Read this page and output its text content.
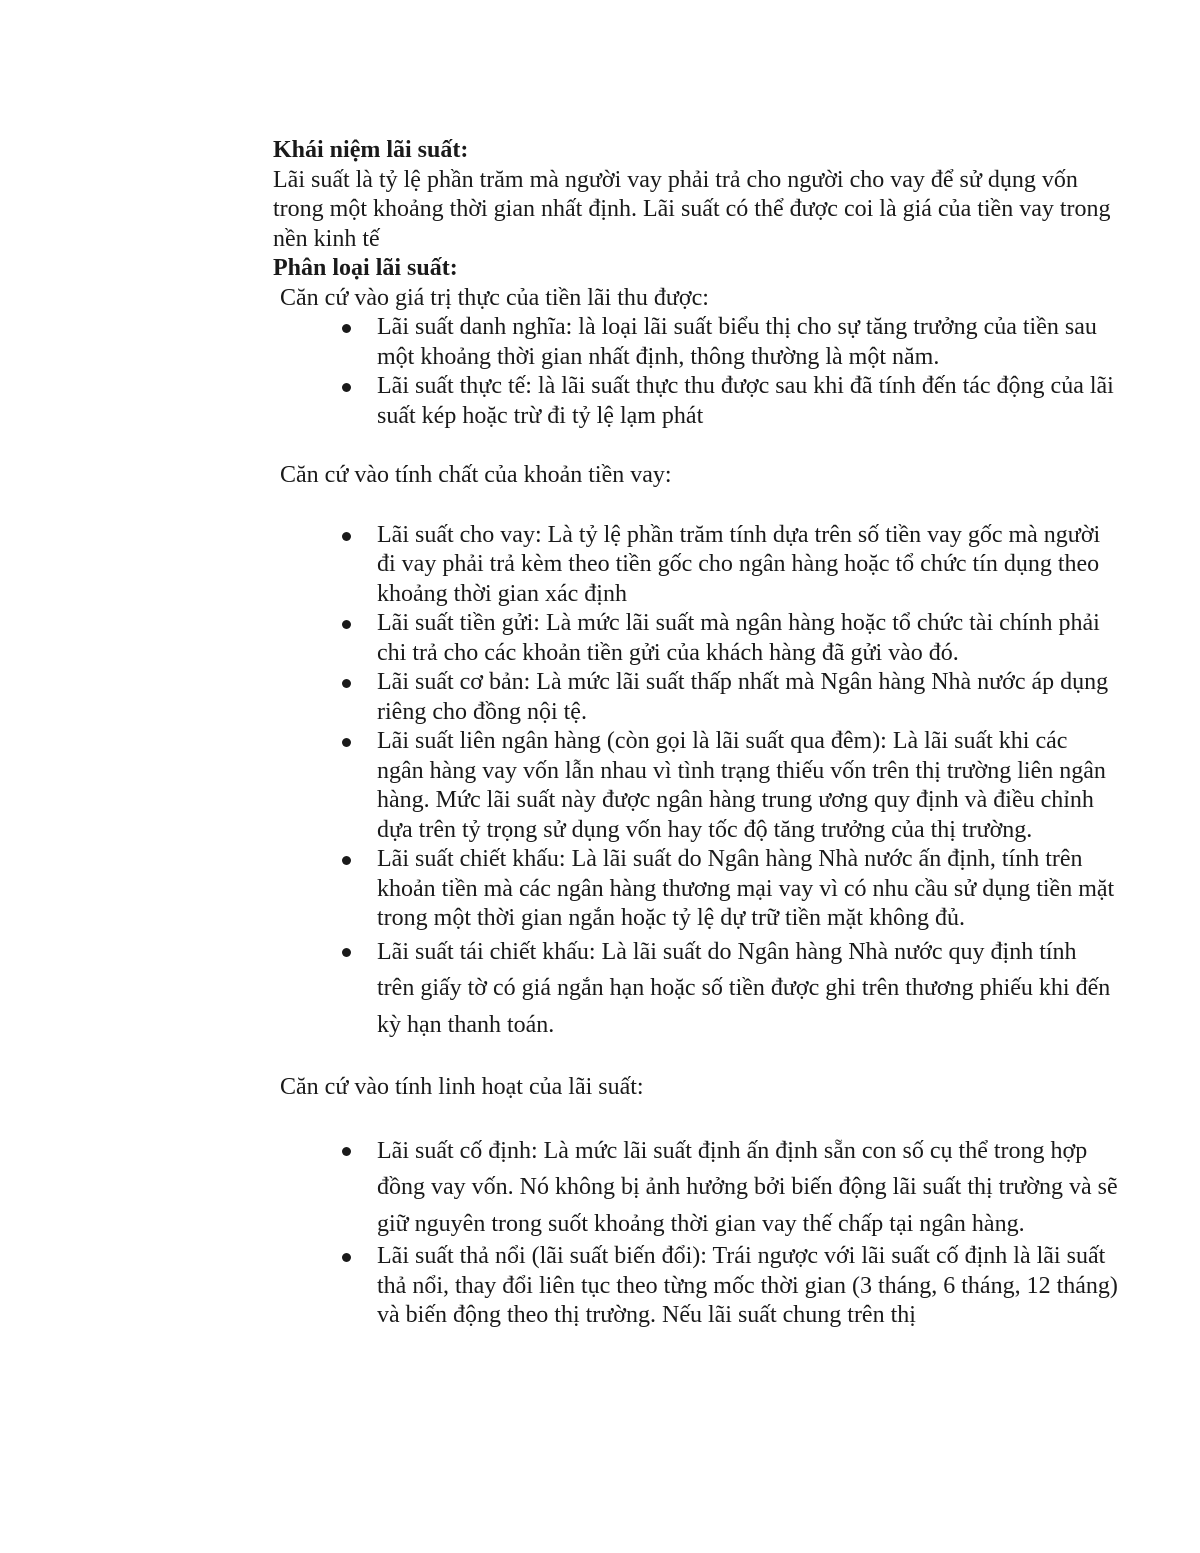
Khái niệm lãi suất:

Lãi suất là tỷ lệ phần trăm mà người vay phải trả cho người cho vay để sử dụng vốn trong một khoảng thời gian nhất định. Lãi suất có thể được coi là giá của tiền vay trong nền kinh tế

Phân loại lãi suất:

Căn cứ vào giá trị thực của tiền lãi thu được:

Lãi suất danh nghĩa: là loại lãi suất biểu thị cho sự tăng trưởng của tiền sau một khoảng thời gian nhất định, thông thường là một năm.
Lãi suất thực tế: là lãi suất thực thu được sau khi đã tính đến tác động của lãi suất kép hoặc trừ đi tỷ lệ lạm phát

Căn cứ vào tính chất của khoản tiền vay:

Lãi suất cho vay: Là tỷ lệ phần trăm tính dựa trên số tiền vay gốc mà người đi vay phải trả kèm theo tiền gốc cho ngân hàng hoặc tổ chức tín dụng theo khoảng thời gian xác định
Lãi suất tiền gửi: Là mức lãi suất mà ngân hàng hoặc tổ chức tài chính phải chi trả cho các khoản tiền gửi của khách hàng đã gửi vào đó.
Lãi suất cơ bản: Là mức lãi suất thấp nhất mà Ngân hàng Nhà nước áp dụng riêng cho đồng nội tệ.
Lãi suất liên ngân hàng (còn gọi là lãi suất qua đêm): Là lãi suất khi các ngân hàng vay vốn lẫn nhau vì tình trạng thiếu vốn trên thị trường liên ngân hàng. Mức lãi suất này được ngân hàng trung ương quy định và điều chỉnh dựa trên tỷ trọng sử dụng vốn hay tốc độ tăng trưởng của thị trường.
Lãi suất chiết khấu: Là lãi suất do Ngân hàng Nhà nước ấn định, tính trên khoản tiền mà các ngân hàng thương mại vay vì có nhu cầu sử dụng tiền mặt trong một thời gian ngắn hoặc tỷ lệ dự trữ tiền mặt không đủ.
Lãi suất tái chiết khấu: Là lãi suất do Ngân hàng Nhà nước quy định tính trên giấy tờ có giá ngắn hạn hoặc số tiền được ghi trên thương phiếu khi đến kỳ hạn thanh toán.

Căn cứ vào tính linh hoạt của lãi suất:

Lãi suất cố định: Là mức lãi suất định ấn định sẵn con số cụ thể trong hợp đồng vay vốn. Nó không bị ảnh hưởng bởi biến động lãi suất thị trường và sẽ giữ nguyên trong suốt khoảng thời gian vay thế chấp tại ngân hàng.
Lãi suất thả nổi (lãi suất biến đổi): Trái ngược với lãi suất cố định là lãi suất thả nổi, thay đổi liên tục theo từng mốc thời gian (3 tháng, 6 tháng, 12 tháng) và biến động theo thị trường. Nếu lãi suất chung trên thị
